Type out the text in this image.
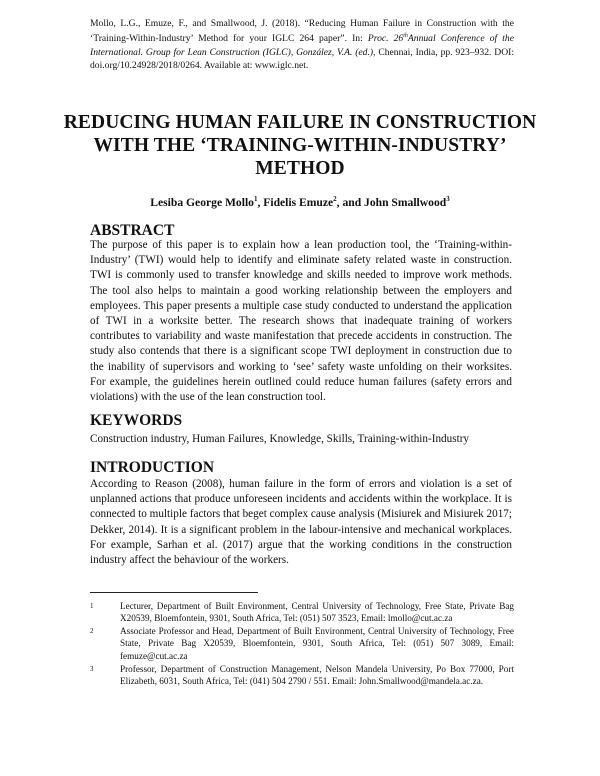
Mollo, L.G., Emuze, F., and Smallwood, J. (2018). “Reducing Human Failure in Construction with the ‘Training-Within-Industry’ Method for your IGLC 264 paper”. In: Proc. 26thAnnual Conference of the International. Group for Lean Construction (IGLC), González, V.A. (ed.), Chennai, India, pp. 923–932. DOI: doi.org/10.24928/2018/0264. Available at: www.iglc.net.
REDUCING HUMAN FAILURE IN CONSTRUCTION WITH THE ‘TRAINING-WITHIN-INDUSTRY’ METHOD
Lesiba George Mollo$^1$, Fidelis Emuze$^2$, and John Smallwood$^3$
ABSTRACT
The purpose of this paper is to explain how a lean production tool, the ‘Training-within-Industry’ (TWI) would help to identify and eliminate safety related waste in construction. TWI is commonly used to transfer knowledge and skills needed to improve work methods. The tool also helps to maintain a good working relationship between the employers and employees. This paper presents a multiple case study conducted to understand the application of TWI in a worksite better. The research shows that inadequate training of workers contributes to variability and waste manifestation that precede accidents in construction. The study also contends that there is a significant scope TWI deployment in construction due to the inability of supervisors and working to ‘see’ safety waste unfolding on their worksites. For example, the guidelines herein outlined could reduce human failures (safety errors and violations) with the use of the lean construction tool.
KEYWORDS
Construction industry, Human Failures, Knowledge, Skills, Training-within-Industry
INTRODUCTION
According to Reason (2008), human failure in the form of errors and violation is a set of unplanned actions that produce unforeseen incidents and accidents within the workplace. It is connected to multiple factors that beget complex cause analysis (Misiurek and Misiurek 2017; Dekker, 2014). It is a significant problem in the labour-intensive and mechanical workplaces. For example, Sarhan et al. (2017) argue that the working conditions in the construction industry affect the behaviour of the workers.
1	Lecturer, Department of Built Environment, Central University of Technology, Free State, Private Bag X20539, Bloemfontein, 9301, South Africa, Tel: (051) 507 3523, Email: lmollo@cut.ac.za
2	Associate Professor and Head, Department of Built Environment, Central University of Technology, Free State, Private Bag X20539, Bloemfontein, 9301, South Africa, Tel: (051) 507 3089, Email: femuze@cut.ac.za
3	Professor, Department of Construction Management, Nelson Mandela University, Po Box 77000, Port Elizabeth, 6031, South Africa, Tel: (041) 504 2790 / 551. Email: John.Smallwood@mandela.ac.za.
